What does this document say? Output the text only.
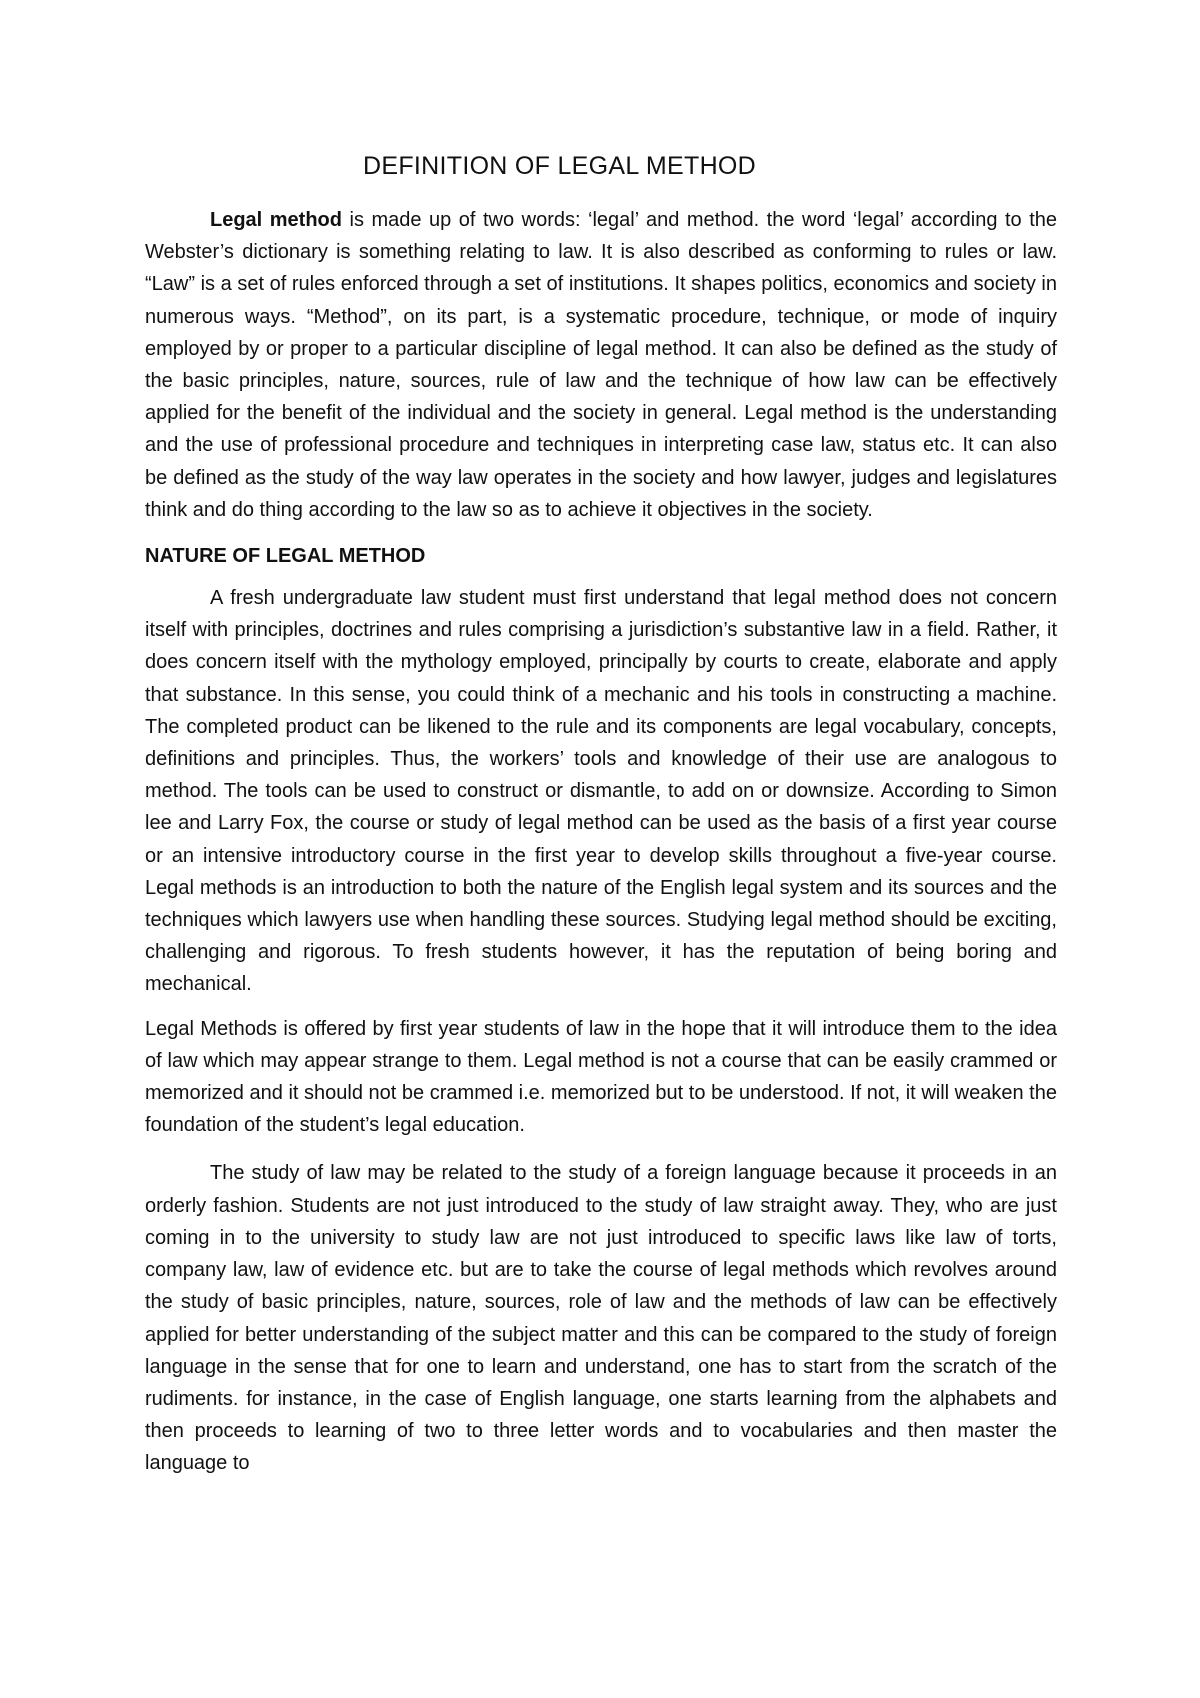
DEFINITION OF LEGAL METHOD

Legal method is made up of two words: ‘legal’ and method. the word ‘legal’ according to the Webster’s dictionary is something relating to law. It is also described as conforming to rules or law. “Law” is a set of rules enforced through a set of institutions. It shapes politics, economics and society in numerous ways. “Method”, on its part, is a systematic procedure, technique, or mode of inquiry employed by or proper to a particular discipline of legal method. It can also be defined as the study of the basic principles, nature, sources, rule of law and the technique of how law can be effectively applied for the benefit of the individual and the society in general. Legal method is the understanding and the use of professional procedure and techniques in interpreting case law, status etc. It can also be defined as the study of the way law operates in the society and how lawyer, judges and legislatures think and do thing according to the law so as to achieve it objectives in the society.

NATURE OF LEGAL METHOD

A fresh undergraduate law student must first understand that legal method does not concern itself with principles, doctrines and rules comprising a jurisdiction’s substantive law in a field. Rather, it does concern itself with the mythology employed, principally by courts to create, elaborate and apply that substance. In this sense, you could think of a mechanic and his tools in constructing a machine. The completed product can be likened to the rule and its components are legal vocabulary, concepts, definitions and principles. Thus, the workers’ tools and knowledge of their use are analogous to method. The tools can be used to construct or dismantle, to add on or downsize. According to Simon lee and Larry Fox, the course or study of legal method can be used as the basis of a first year course or an intensive introductory course in the first year to develop skills throughout a five-year course. Legal methods is an introduction to both the nature of the English legal system and its sources and the techniques which lawyers use when handling these sources. Studying legal method should be exciting, challenging and rigorous. To fresh students however, it has the reputation of being boring and mechanical.

Legal Methods is offered by first year students of law in the hope that it will introduce them to the idea of law which may appear strange to them. Legal method is not a course that can be easily crammed or memorized and it should not be crammed i.e. memorized but to be understood. If not, it will weaken the foundation of the student’s legal education.

The study of law may be related to the study of a foreign language because it proceeds in an orderly fashion. Students are not just introduced to the study of law straight away. They, who are just coming in to the university to study law are not just introduced to specific laws like law of torts, company law, law of evidence etc. but are to take the course of legal methods which revolves around the study of basic principles, nature, sources, role of law and the methods of law can be effectively applied for better understanding of the subject matter and this can be compared to the study of foreign language in the sense that for one to learn and understand, one has to start from the scratch of the rudiments. for instance, in the case of English language, one starts learning from the alphabets and then proceeds to learning of two to three letter words and to vocabularies and then master the language to
